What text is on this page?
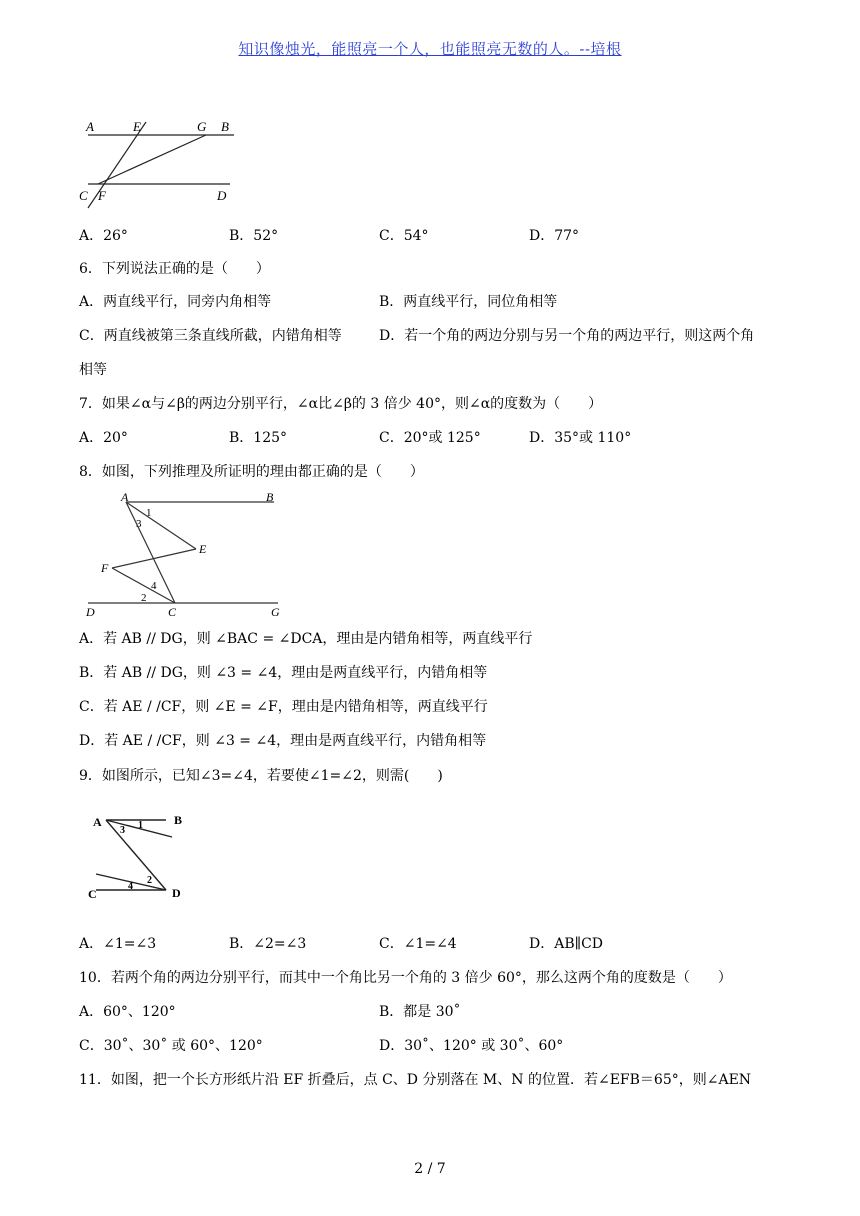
知识像烛光，能照亮一个人，也能照亮无数的人。--培根
A	E	G B
C F	D
A．26°	B．52°	C．54°	D．77°
6．下列说法正确的是（　　）
A．两直线平行，同旁内角相等	B．两直线平行，同位角相等
C．两直线被第三条直线所截，内错角相等	D．若一个角的两边分别与另一个角的两边平行，则这两个角
相等
7．如果∠α与∠β的两边分别平行，∠α比∠β的 3 倍少 40°，则∠α的度数为（　　）
A．20°	B．125°	C．20°或 125°	D．35°或 110°
8．如图，下列推理及所证明的理由都正确的是（　　）
A	B
1
3
E
F
4
2
D	C	G
A．若 AB // DG，则 ∠BAC = ∠DCA，理由是内错角相等，两直线平行
B．若 AB // DG，则 ∠3 = ∠4，理由是两直线平行，内错角相等
C．若 AE / /CF，则 ∠E = ∠F，理由是内错角相等，两直线平行
D．若 AE / /CF，则 ∠3 = ∠4，理由是两直线平行，内错角相等
9．如图所示，已知∠3=∠4，若要使∠1=∠2，则需(　　)
A	B
3 1
C
4
2
D
A．∠1=∠3	B．∠2=∠3	C．∠1=∠4	D．AB∥CD
10．若两个角的两边分别平行，而其中一个角比另一个角的 3 倍少 60°，那么这两个角的度数是（　　）
A．60°、120°	B．都是 30˚
C．30˚、30˚ 或 60°、120°	D．30˚、120° 或 30˚、60°
11．如图，把一个长方形纸片沿 EF 折叠后，点 C、D 分别落在 M、N 的位置．若∠EFB＝65°，则∠AEN
2 / 7
